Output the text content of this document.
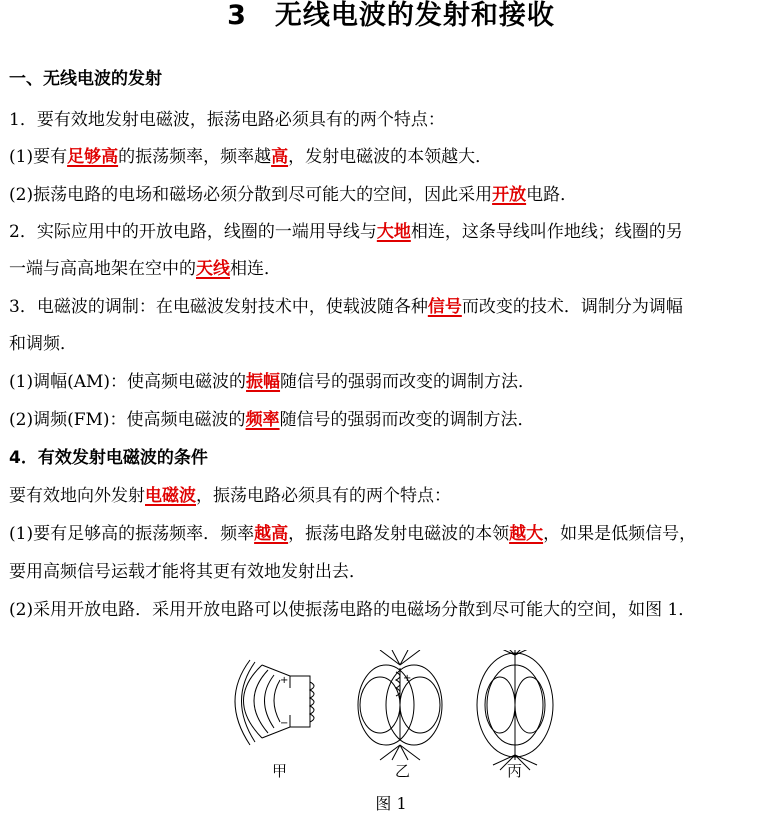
3 无线电波的发射和接收
一、无线电波的发射
1．要有效地发射电磁波，振荡电路必须具有的两个特点：
(1)要有足够高的振荡频率，频率越高，发射电磁波的本领越大．
(2)振荡电路的电场和磁场必须分散到尽可能大的空间，因此采用开放电路．
2．实际应用中的开放电路，线圈的一端用导线与大地相连，这条导线叫作地线；线圈的另
一端与高高地架在空中的天线相连．
3．电磁波的调制：在电磁波发射技术中，使载波随各种信号而改变的技术．调制分为调幅
和调频．
(1)调幅(AM)：使高频电磁波的振幅随信号的强弱而改变的调制方法．
(2)调频(FM)：使高频电磁波的频率随信号的强弱而改变的调制方法．
4．有效发射电磁波的条件
要有效地向外发射电磁波，振荡电路必须具有的两个特点：
(1)要有足够高的振荡频率．频率越高，振荡电路发射电磁波的本领越大，如果是低频信号，
要用高频信号运载才能将其更有效地发射出去．
(2)采用开放电路．采用开放电路可以使振荡电路的电磁场分散到尽可能大的空间，如图 1．
+
−
+
甲	乙	丙
图 1
